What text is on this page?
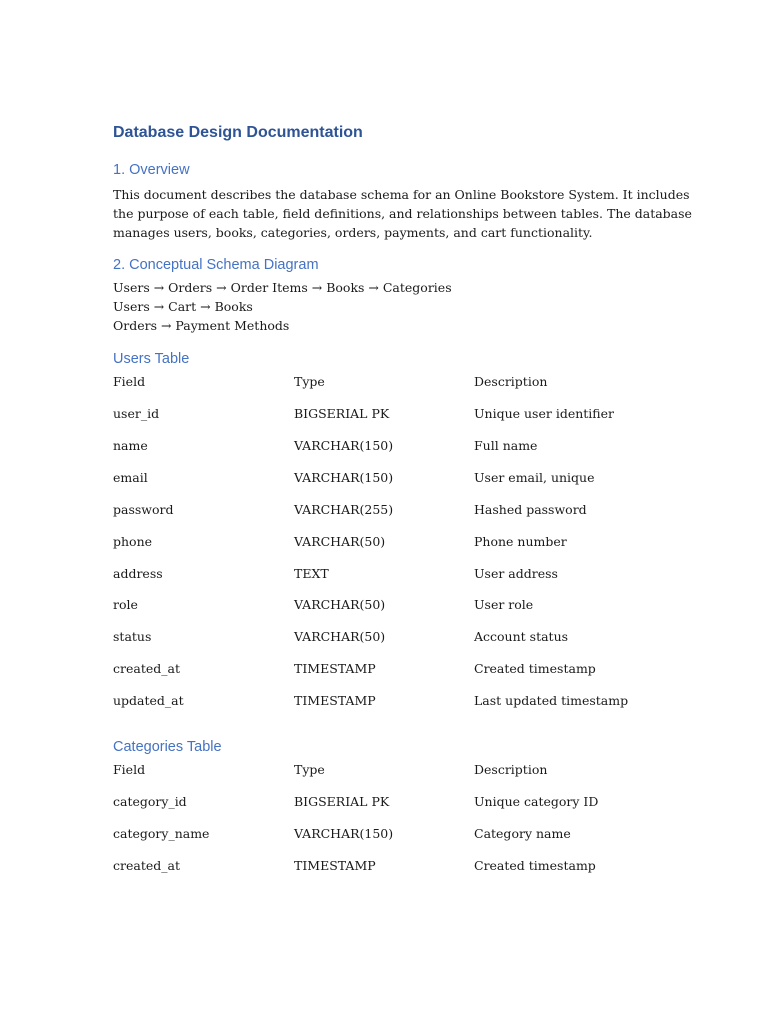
Database Design Documentation
1. Overview
This document describes the database schema for an Online Bookstore System. It includes
the purpose of each table, field definitions, and relationships between tables. The database
manages users, books, categories, orders, payments, and cart functionality.
2. Conceptual Schema Diagram
Users → Orders → Order Items → Books → Categories
Users → Cart → Books
Orders → Payment Methods
Users Table
Field	Type	Description
user_id	BIGSERIAL PK	Unique user identifier
name	VARCHAR(150)	Full name
email	VARCHAR(150)	User email, unique
password	VARCHAR(255)	Hashed password
phone	VARCHAR(50)	Phone number
address	TEXT	User address
role	VARCHAR(50)	User role
status	VARCHAR(50)	Account status
created_at	TIMESTAMP	Created timestamp
updated_at	TIMESTAMP	Last updated timestamp
Categories Table
Field	Type	Description
category_id	BIGSERIAL PK	Unique category ID
category_name	VARCHAR(150)	Category name
created_at	TIMESTAMP	Created timestamp
